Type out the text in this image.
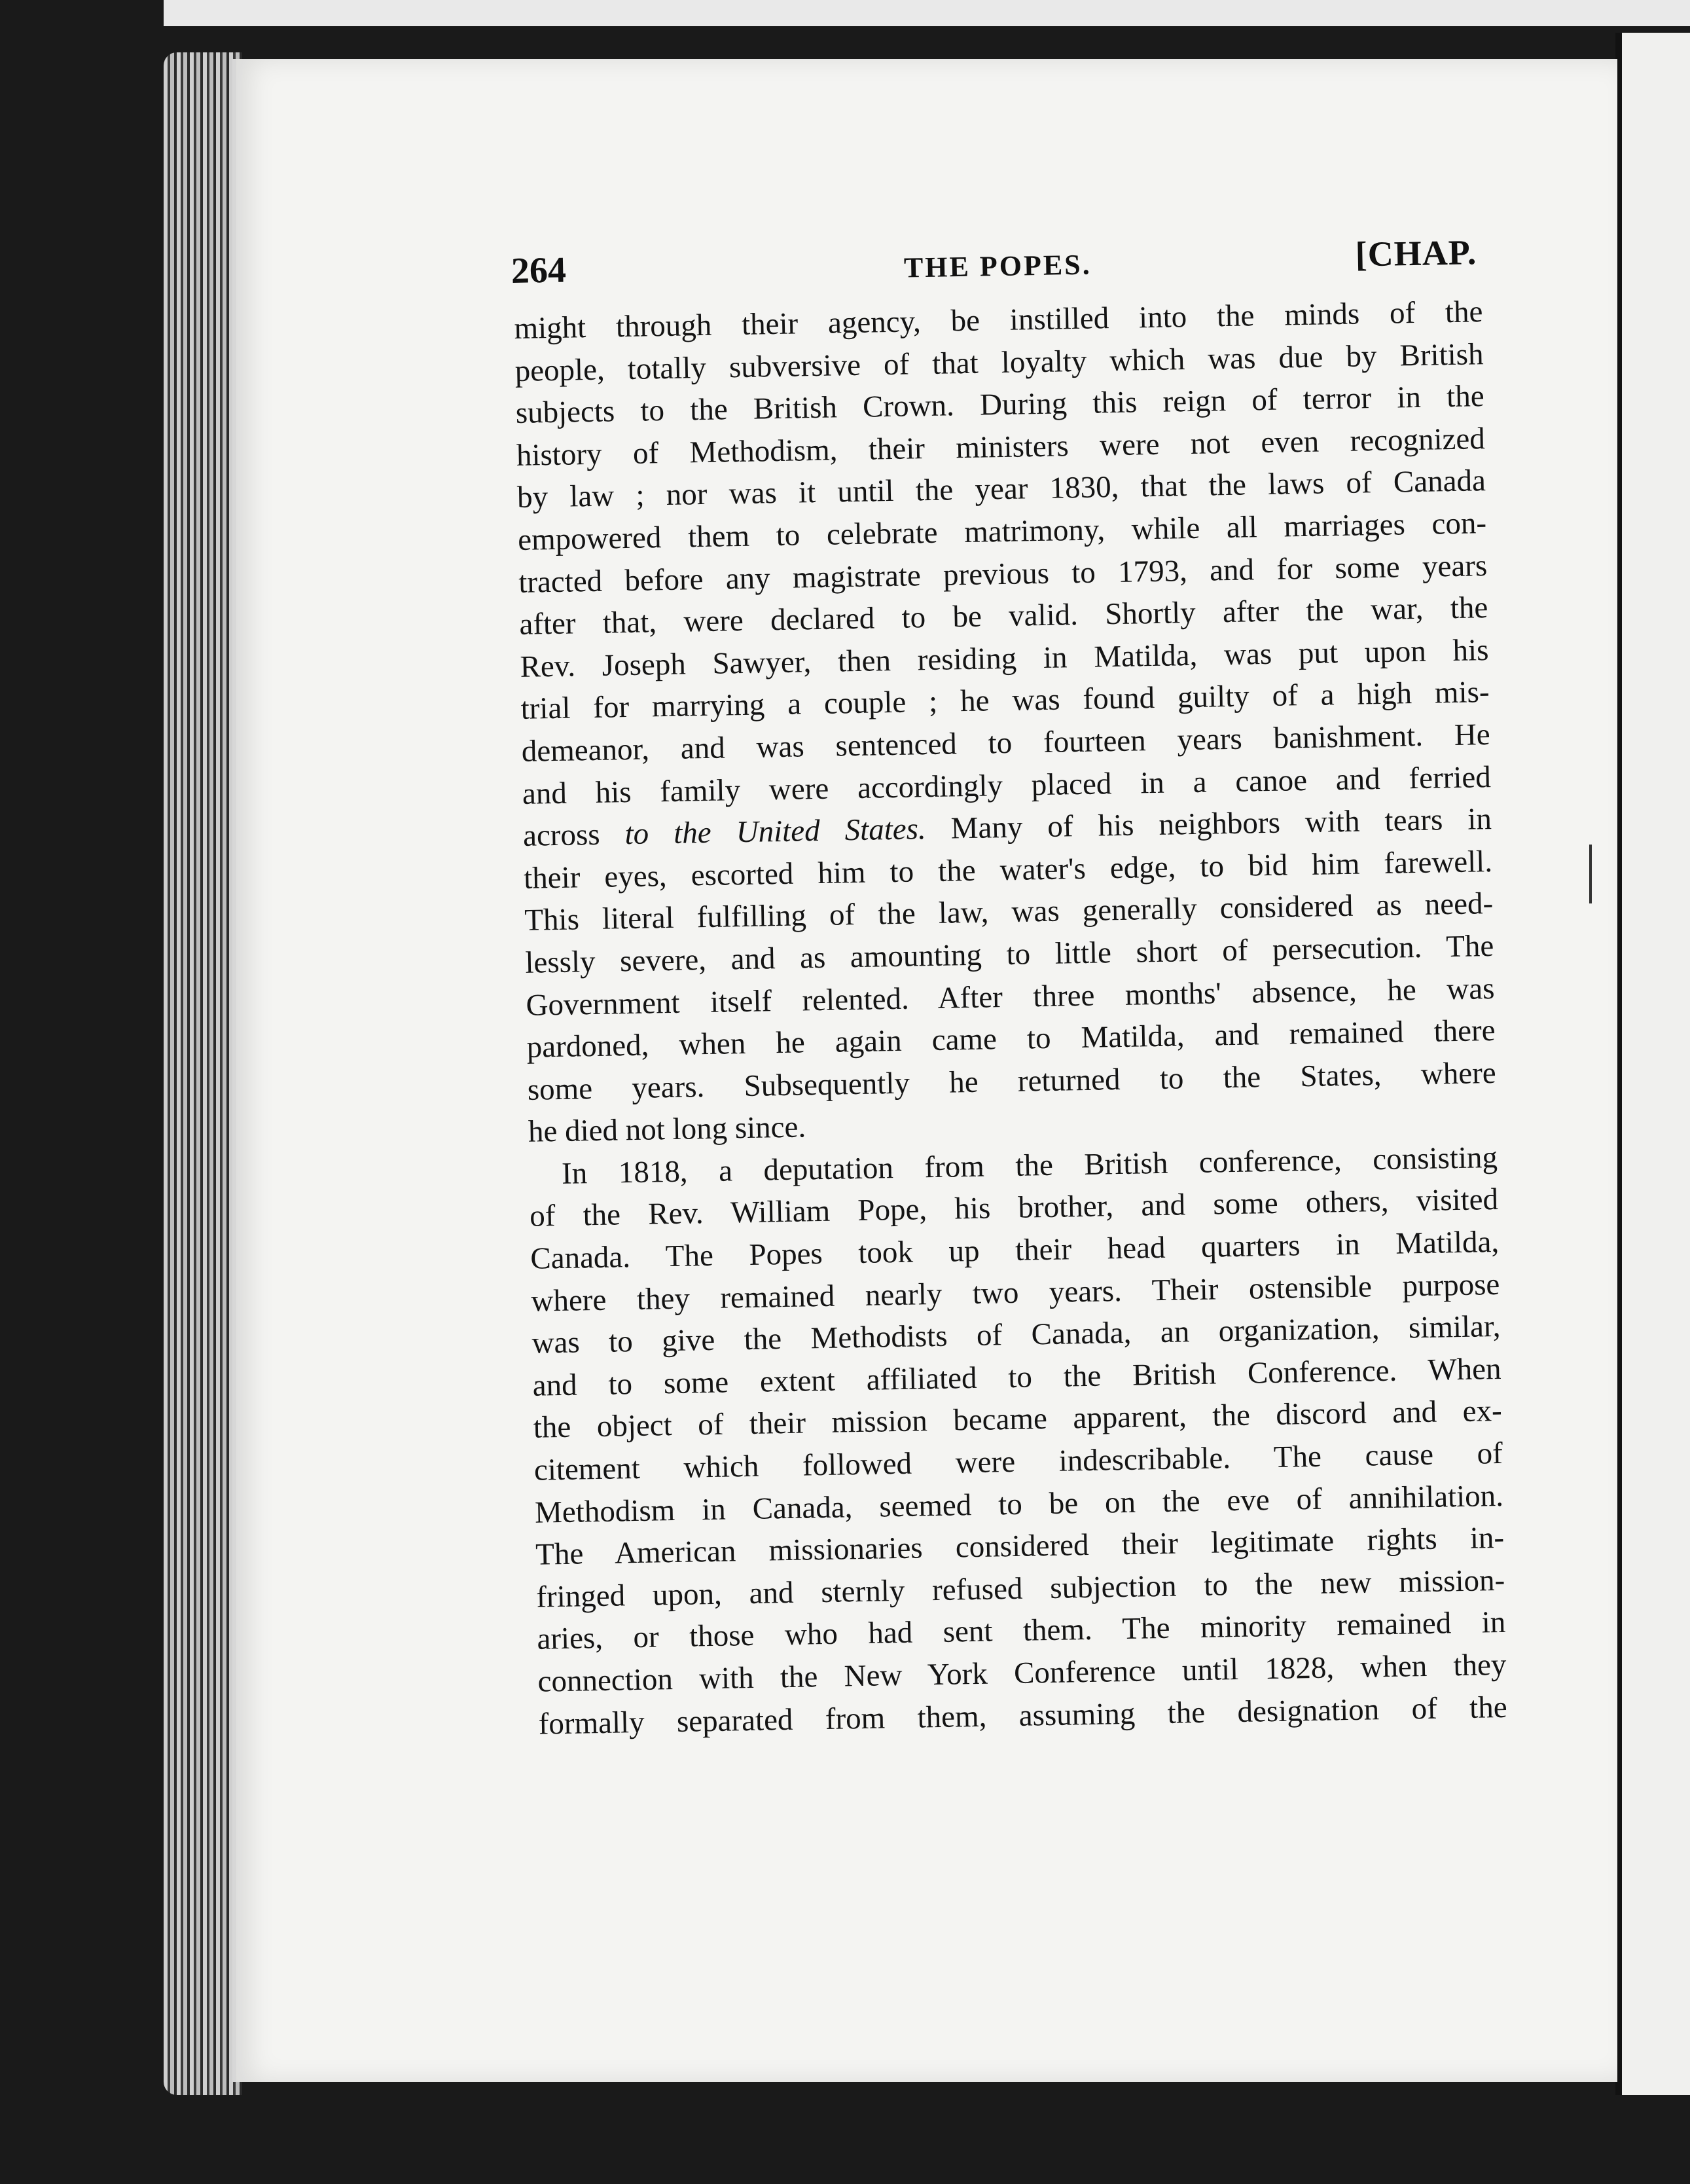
264	THE POPES.	[CHAP.
might through their agency, be instilled into the minds of the
people, totally subversive of that loyalty which was due by British
subjects to the British Crown. During this reign of terror in the
history of Methodism, their ministers were not even recognized
by law ; nor was it until the year 1830, that the laws of Canada
empowered them to celebrate matrimony, while all marriages con-
tracted before any magistrate previous to 1793, and for some years
after that, were declared to be valid. Shortly after the war, the
Rev. Joseph Sawyer, then residing in Matilda, was put upon his
trial for marrying a couple ; he was found guilty of a high mis-
demeanor, and was sentenced to fourteen years banishment. He
and his family were accordingly placed in a canoe and ferried
across to the United States. Many of his neighbors with tears in
their eyes, escorted him to the water's edge, to bid him farewell.
This literal fulfilling of the law, was generally considered as need-
lessly severe, and as amounting to little short of persecution. The
Government itself relented. After three months' absence, he was
pardoned, when he again came to Matilda, and remained there
some years. Subsequently he returned to the States, where
he died not long since.
In 1818, a deputation from the British conference, consisting
of the Rev. William Pope, his brother, and some others, visited
Canada. The Popes took up their head quarters in Matilda,
where they remained nearly two years. Their ostensible purpose
was to give the Methodists of Canada, an organization, similar,
and to some extent affiliated to the British Conference. When
the object of their mission became apparent, the discord and ex-
citement which followed were indescribable. The cause of
Methodism in Canada, seemed to be on the eve of annihilation.
The American missionaries considered their legitimate rights in-
fringed upon, and sternly refused subjection to the new mission-
aries, or those who had sent them. The minority remained in
connection with the New York Conference until 1828, when they
formally separated from them, assuming the designation of the
